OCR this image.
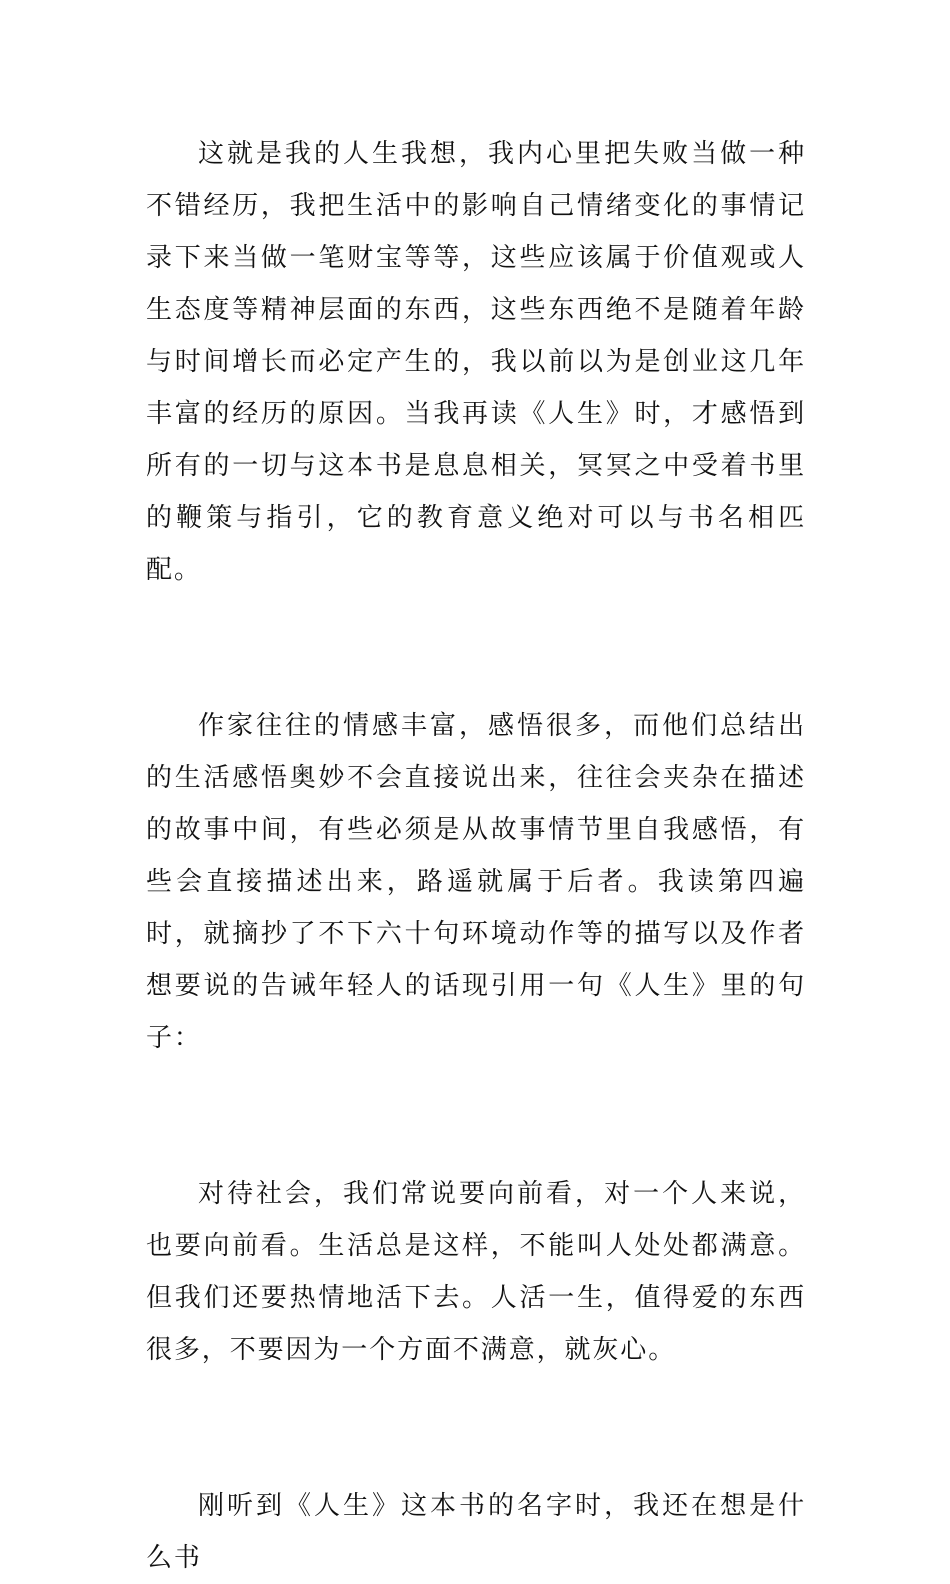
这就是我的人生我想，我内心里把失败当做一种不错经历，我把生活中的影响自己情绪变化的事情记录下来当做一笔财宝等等，这些应该属于价值观或人生态度等精神层面的东西，这些东西绝不是随着年龄与时间增长而必定产生的，我以前以为是创业这几年丰富的经历的原因。当我再读《人生》时，才感悟到所有的一切与这本书是息息相关，冥冥之中受着书里的鞭策与指引，它的教育意义绝对可以与书名相匹配。

作家往往的情感丰富，感悟很多，而他们总结出的生活感悟奥妙不会直接说出来，往往会夹杂在描述的故事中间，有些必须是从故事情节里自我感悟，有些会直接描述出来，路遥就属于后者。我读第四遍时，就摘抄了不下六十句环境动作等的描写以及作者想要说的告诫年轻人的话现引用一句《人生》里的句子：

对待社会，我们常说要向前看，对一个人来说，也要向前看。生活总是这样，不能叫人处处都满意。但我们还要热情地活下去。人活一生，值得爱的东西很多，不要因为一个方面不满意，就灰心。

刚听到《人生》这本书的名字时，我还在想是什么书
